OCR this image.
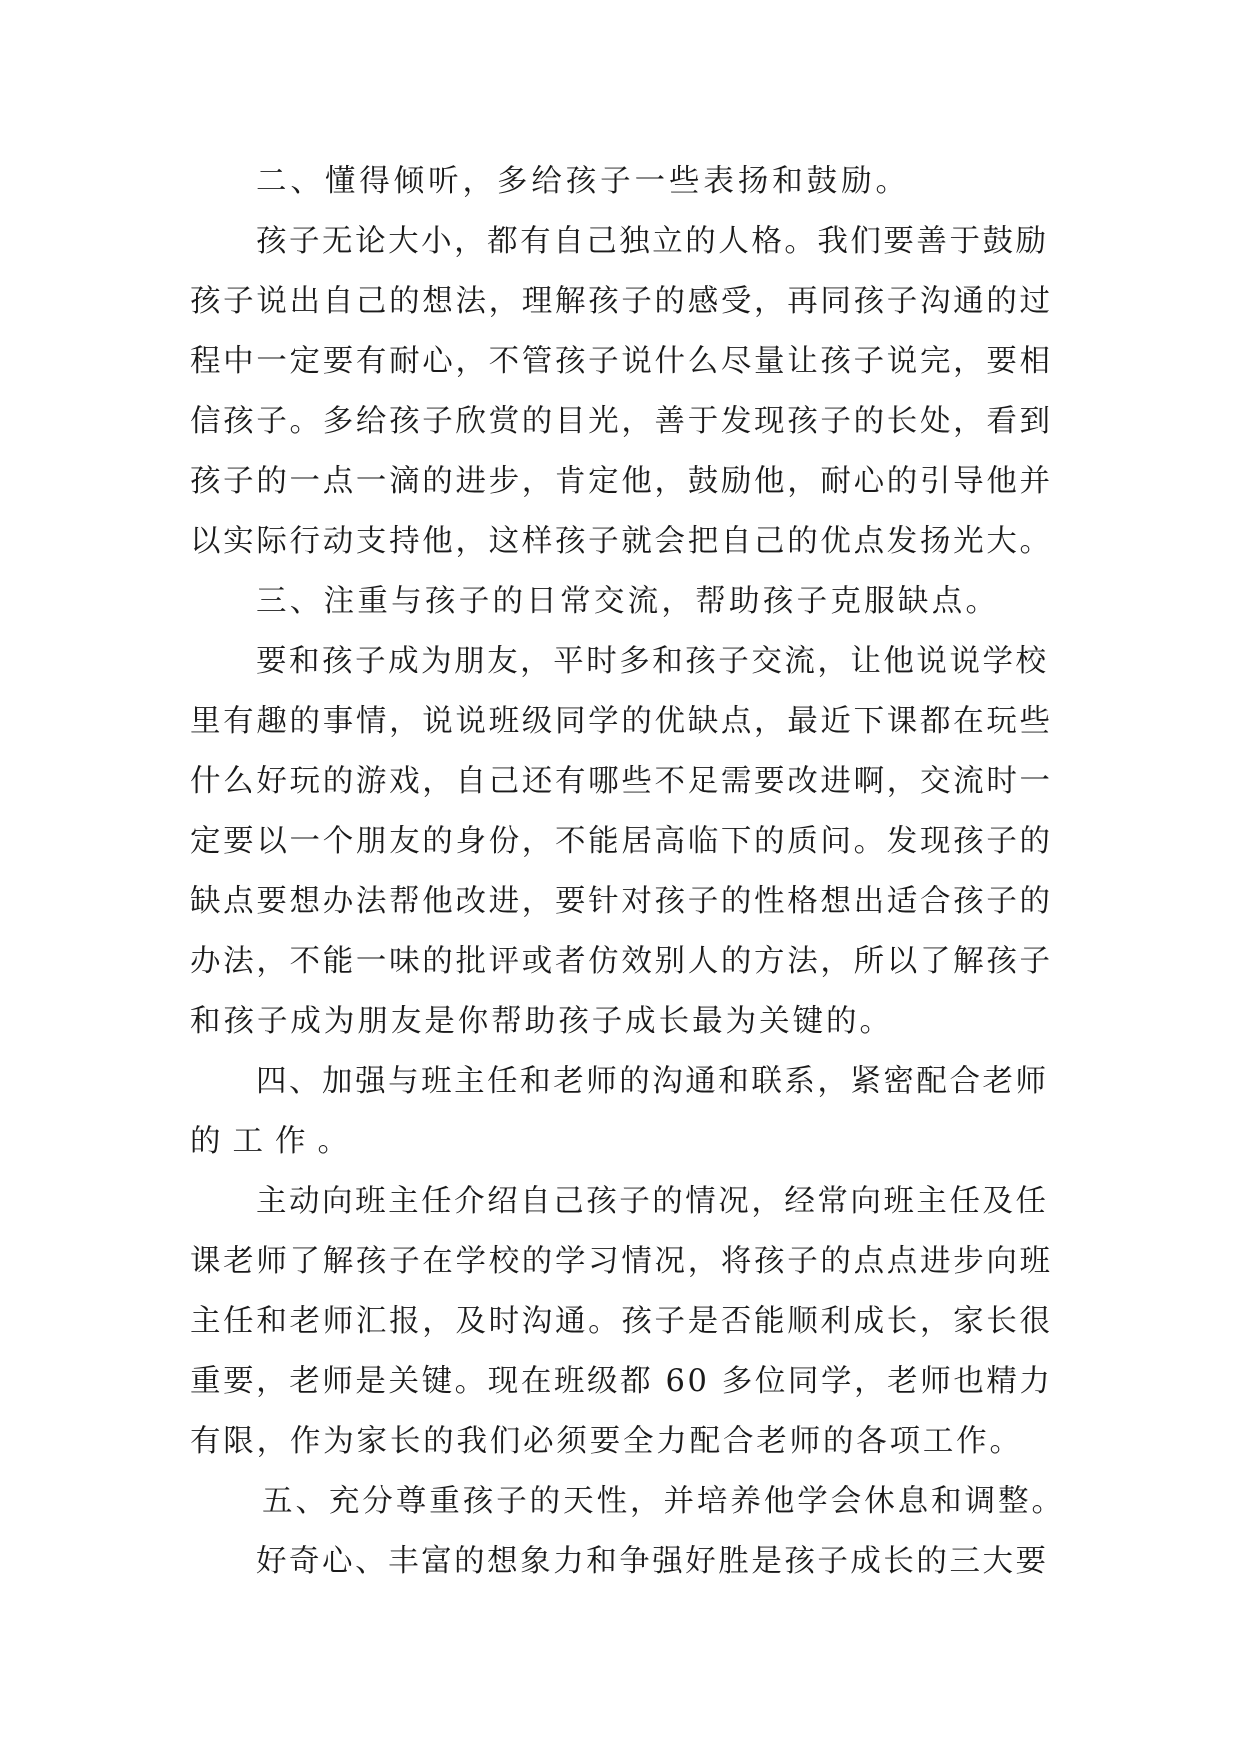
二、懂得倾听，多给孩子一些表扬和鼓励。
孩子无论大小，都有自己独立的人格。我们要善于鼓励
孩子说出自己的想法，理解孩子的感受，再同孩子沟通的过
程中一定要有耐心，不管孩子说什么尽量让孩子说完，要相
信孩子。多给孩子欣赏的目光，善于发现孩子的长处，看到
孩子的一点一滴的进步，肯定他，鼓励他，耐心的引导他并
以实际行动支持他，这样孩子就会把自己的优点发扬光大。
三、注重与孩子的日常交流，帮助孩子克服缺点。
要和孩子成为朋友，平时多和孩子交流，让他说说学校
里有趣的事情，说说班级同学的优缺点，最近下课都在玩些
什么好玩的游戏，自己还有哪些不足需要改进啊，交流时一
定要以一个朋友的身份，不能居高临下的质问。发现孩子的
缺点要想办法帮他改进，要针对孩子的性格想出适合孩子的
办法，不能一味的批评或者仿效别人的方法，所以了解孩子
和孩子成为朋友是你帮助孩子成长最为关键的。
四、加强与班主任和老师的沟通和联系，紧密配合老师
的工作。
主动向班主任介绍自己孩子的情况，经常向班主任及任
课老师了解孩子在学校的学习情况，将孩子的点点进步向班
主任和老师汇报，及时沟通。孩子是否能顺利成长，家长很
重要，老师是关键。现在班级都 60 多位同学，老师也精力
有限，作为家长的我们必须要全力配合老师的各项工作。
五、充分尊重孩子的天性，并培养他学会休息和调整。
好奇心、丰富的想象力和争强好胜是孩子成长的三大要
